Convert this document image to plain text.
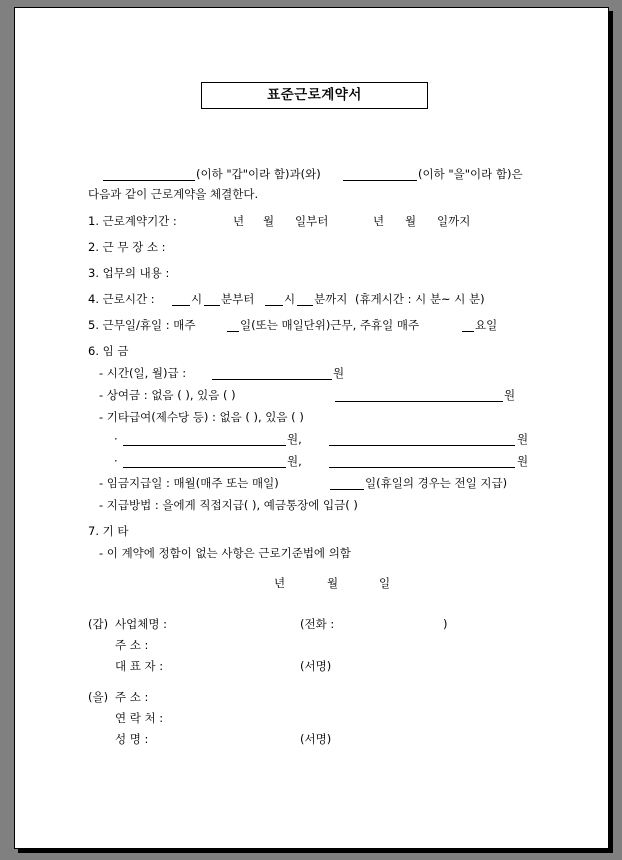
표준근로계약서
(이하 "갑"이라 함)과(와)	(이하 "을"이라 함)은
다음과 같이 근로계약을 체결한다.
1. 근로계약기간 :	년 월 일부터	년 월 일까지
2. 근 무 장 소 :
3. 업무의 내용 :
4. 근로시간 :	시 분부터	시 분까지 (휴게시간 : 시 분~ 시 분)
5. 근무일/휴일 : 매주	일(또는 매일단위)근무, 주휴일 매주	요일
6. 임 금
- 시간(일, 월)급 :	원
- 상여금 : 없음 ( ), 있음 ( )	원
- 기타급여(제수당 등) : 없음 ( ), 있음 ( )
·	원,	원
·	원,	원
- 임금지급일 : 매월(매주 또는 매일)	일(휴일의 경우는 전일 지급)
- 지급방법 : 을에게 직접지급( ), 예금통장에 입금( )
7. 기 타
- 이 계약에 정함이 없는 사항은 근로기준법에 의함
년	월	일
(갑) 사업체명 :	(전화 :	)
주 소 :
대 표 자 :	(서명)
(을) 주 소 :
연 락 처 :
성 명 :	(서명)
